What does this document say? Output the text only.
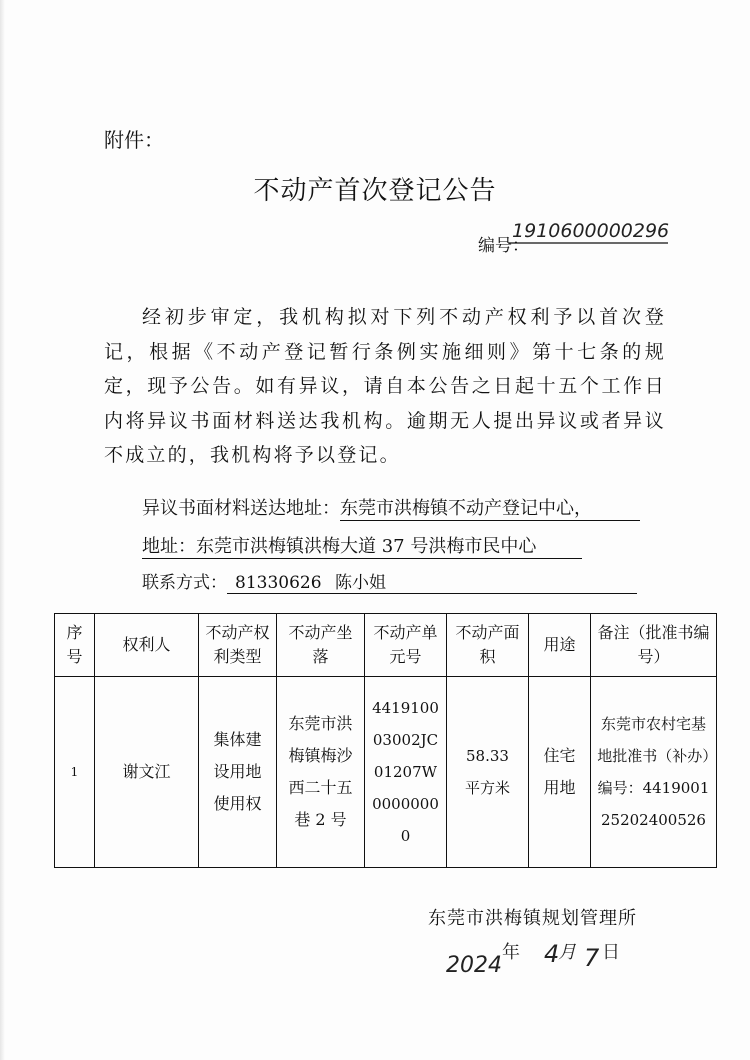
附件：
不动产首次登记公告
编号：
1910600000296

经初步审定，我机构拟对下列不动产权利予以首次登记，根据《不动产登记暂行条例实施细则》第十七条的规定，现予公告。如有异议，请自本公告之日起十五个工作日内将异议书面材料送达我机构。逾期无人提出异议或者异议不成立的，我机构将予以登记。

异议书面材料送达地址：东莞市洪梅镇不动产登记中心，
地址：东莞市洪梅镇洪梅大道 37 号洪梅市民中心
联系方式： 81330626 陈小姐
序号	权利人	不动产权利类型	不动产坐落	不动产单元号	不动产面积	用途	备注（批准书编号）
1	谢文江	集体建设用地使用权	东莞市洪梅镇梅沙西二十五巷 2 号	441910003002JC01207W00000000	58.33 平方米	住宅用地	东莞市农村宅基地批准书（补办）编号：441900125202400526
东莞市洪梅镇规划管理所
2024
年 4
月 7 日
